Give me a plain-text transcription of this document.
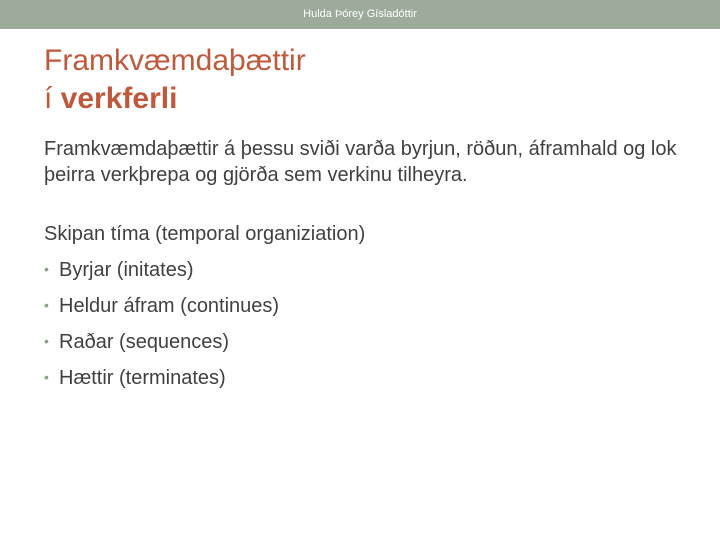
Hulda Þórey Gísladóttir
Framkvæmdaþættir
í verkferli

Framkvæmdaþættir á þessu sviði varða byrjun, röðun, áframhald og lok þeirra verkþrepa og gjörða sem verkinu tilheyra.

Skipan tíma (temporal organiziation)

• Byrjar (initates)
• Heldur áfram (continues)
• Raðar (sequences)
• Hættir (terminates)
